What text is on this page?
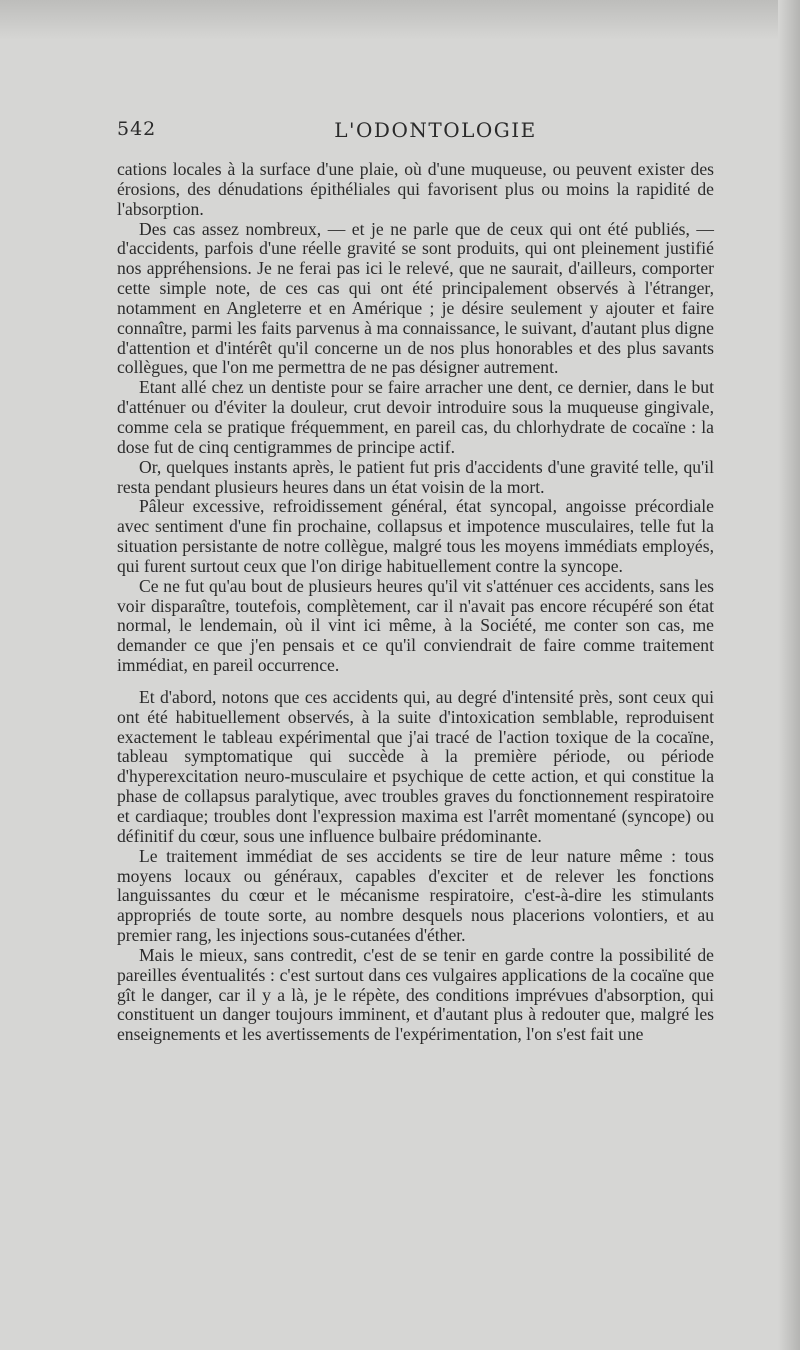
542	L'ODONTOLOGIE

cations locales à la surface d'une plaie, où d'une muqueuse, ou peuvent exister des érosions, des dénudations épithéliales qui favorisent plus ou moins la rapidité de l'absorption.

Des cas assez nombreux, — et je ne parle que de ceux qui ont été publiés, — d'accidents, parfois d'une réelle gravité se sont produits, qui ont pleinement justifié nos appréhensions. Je ne ferai pas ici le relevé, que ne saurait, d'ailleurs, comporter cette simple note, de ces cas qui ont été principalement observés à l'étranger, notamment en Angleterre et en Amérique ; je désire seulement y ajouter et faire connaître, parmi les faits parvenus à ma connaissance, le suivant, d'autant plus digne d'attention et d'intérêt qu'il concerne un de nos plus honorables et des plus savants collègues, que l'on me permettra de ne pas désigner autrement.

Etant allé chez un dentiste pour se faire arracher une dent, ce dernier, dans le but d'atténuer ou d'éviter la douleur, crut devoir introduire sous la muqueuse gingivale, comme cela se pratique fréquemment, en pareil cas, du chlorhydrate de cocaïne : la dose fut de cinq centigrammes de principe actif.

Or, quelques instants après, le patient fut pris d'accidents d'une gravité telle, qu'il resta pendant plusieurs heures dans un état voisin de la mort.

Pâleur excessive, refroidissement général, état syncopal, angoisse précordiale avec sentiment d'une fin prochaine, collapsus et impotence musculaires, telle fut la situation persistante de notre collègue, malgré tous les moyens immédiats employés, qui furent surtout ceux que l'on dirige habituellement contre la syncope.

Ce ne fut qu'au bout de plusieurs heures qu'il vit s'atténuer ces accidents, sans les voir disparaître, toutefois, complètement, car il n'avait pas encore récupéré son état normal, le lendemain, où il vint ici même, à la Société, me conter son cas, me demander ce que j'en pensais et ce qu'il conviendrait de faire comme traitement immédiat, en pareil occurrence.

Et d'abord, notons que ces accidents qui, au degré d'intensité près, sont ceux qui ont été habituellement observés, à la suite d'intoxication semblable, reproduisent exactement le tableau expérimental que j'ai tracé de l'action toxique de la cocaïne, tableau symptomatique qui succède à la première période, ou période d'hyperexcitation neuro-musculaire et psychique de cette action, et qui constitue la phase de collapsus paralytique, avec troubles graves du fonctionnement respiratoire et cardiaque; troubles dont l'expression maxima est l'arrêt momentané (syncope) ou définitif du cœur, sous une influence bulbaire prédominante.

Le traitement immédiat de ses accidents se tire de leur nature même : tous moyens locaux ou généraux, capables d'exciter et de relever les fonctions languissantes du cœur et le mécanisme respiratoire, c'est-à-dire les stimulants appropriés de toute sorte, au nombre desquels nous placerions volontiers, et au premier rang, les injections sous-cutanées d'éther.

Mais le mieux, sans contredit, c'est de se tenir en garde contre la possibilité de pareilles éventualités : c'est surtout dans ces vulgaires applications de la cocaïne que gît le danger, car il y a là, je le répète, des conditions imprévues d'absorption, qui constituent un danger toujours imminent, et d'autant plus à redouter que, malgré les enseignements et les avertissements de l'expérimentation, l'on s'est fait une
